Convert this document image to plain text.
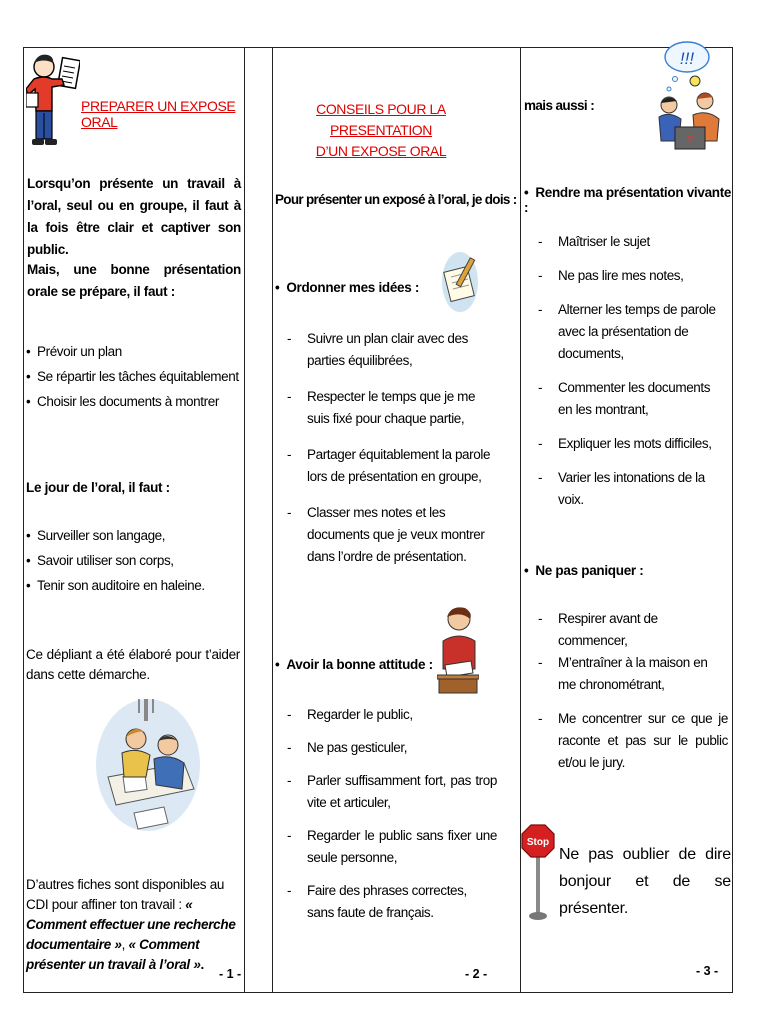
PREPARER UN EXPOSE ORAL
Lorsqu’on présente un travail à l’oral, seul ou en groupe, il faut à la fois être clair et captiver son public.
Mais, une bonne présentation orale se prépare, il faut :
• Prévoir un plan
• Se répartir les tâches équitablement
• Choisir les documents à montrer
Le jour de l’oral, il faut :
• Surveiller son langage,
• Savoir utiliser son corps,
• Tenir son auditoire en haleine.
Ce dépliant a été élaboré pour t’aider dans cette démarche.
D’autres fiches sont disponibles au CDI pour affiner ton travail : « Comment effectuer une recherche documentaire », « Comment présenter un travail à l’oral ».
- 1 -
CONSEILS POUR LA PRESENTATION
D’UN EXPOSE ORAL
Pour présenter un exposé à l’oral, je dois :
•  Ordonner mes idées :
- Suivre un plan clair avec des parties équilibrées,
- Respecter le temps que je me suis fixé pour chaque partie,
- Partager équitablement la parole lors de présentation en groupe,
- Classer mes notes et les documents que je veux montrer dans l’ordre de présentation.
•  Avoir la bonne attitude :
- Regarder le public,
- Ne pas gesticuler,
- Parler suffisamment fort, pas trop vite et articuler,
- Regarder le public sans fixer une seule personne,
- Faire des phrases correctes, sans faute de français.
- 2 -
mais aussi :
!!!
?
•  Rendre ma présentation vivante :
- Maîtriser le sujet
- Ne pas lire mes notes,
- Alterner les temps de parole avec la présentation de documents,
- Commenter les documents en les montrant,
- Expliquer les mots difficiles,
- Varier les intonations de la voix.
•  Ne pas paniquer :
- Respirer avant de commencer,
- M’entraîner à la maison en me chronométrant,
- Me concentrer sur ce que je raconte et pas sur le public et/ou le jury.
Stop
Ne pas oublier de dire bonjour et de se présenter.
- 3 -
